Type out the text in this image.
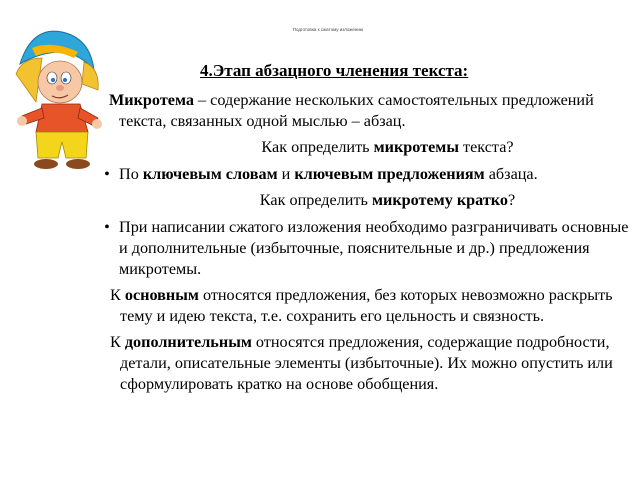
Подготовка к сжатому изложению
4.Этап абзацного членения текста:

Микротема – содержание нескольких самостоятельных предложений текста, связанных одной мыслью – абзац.

Как определить микротемы текста?

• По ключевым словам и ключевым предложениям абзаца.

Как определить микротему кратко?

• При написании сжатого изложения необходимо разграничивать основные и дополнительные (избыточные, пояснительные и др.) предложения микротемы.

К основным относятся предложения, без которых невозможно раскрыть тему и идею текста, т.е. сохранить его цельность и связность.

К дополнительным относятся предложения, содержащие подробности, детали, описательные элементы (избыточные). Их можно опустить или сформулировать кратко на основе обобщения.
